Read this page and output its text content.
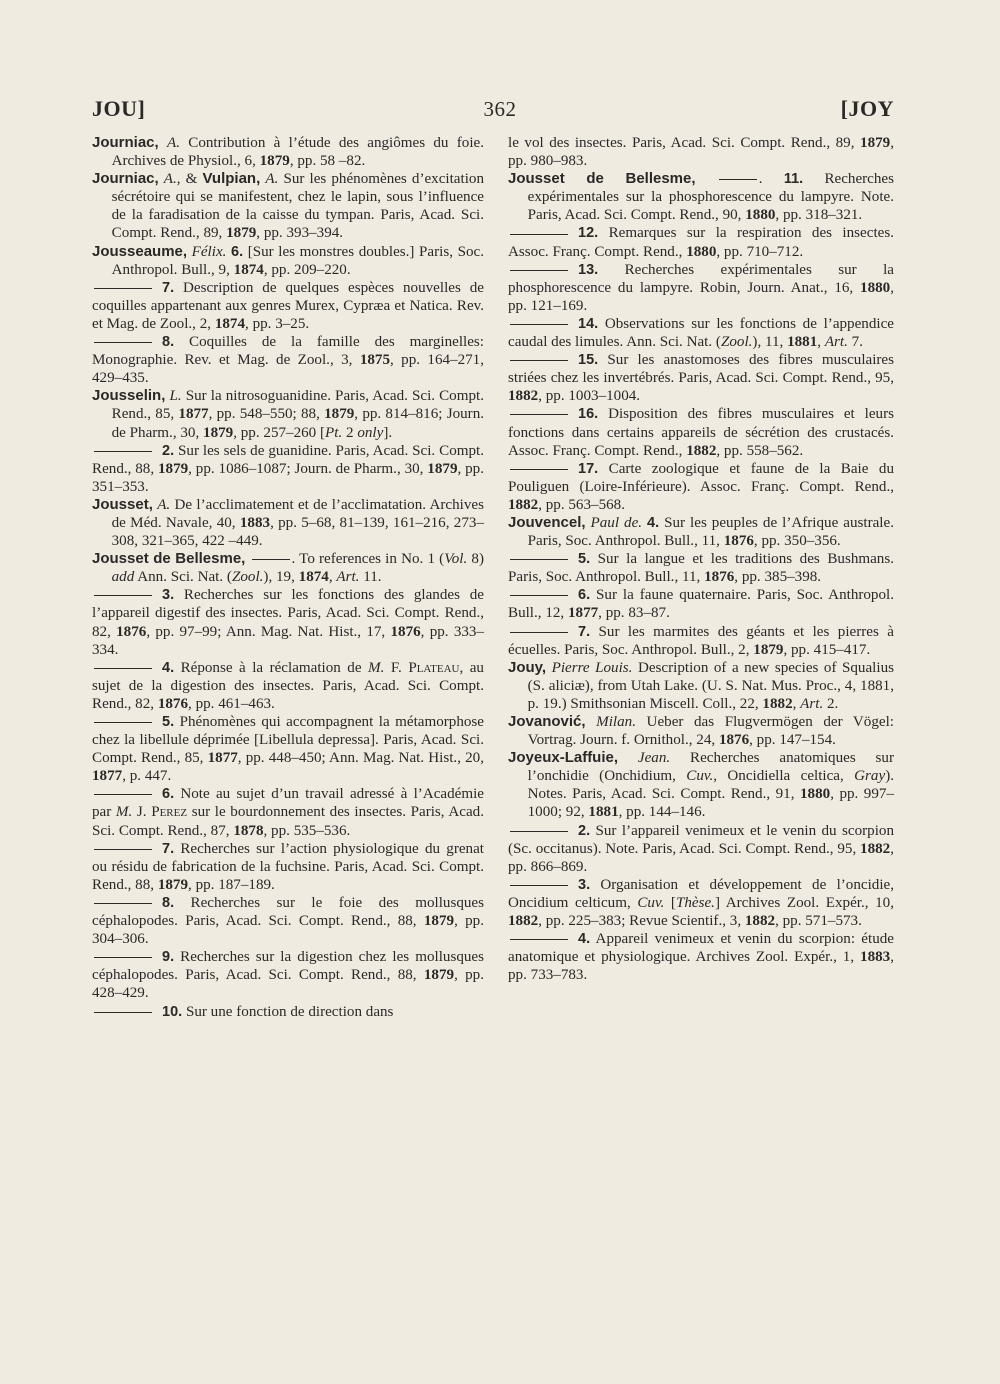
JOU]	362	[JOY

Journiac, A. Contribution à l’étude des angiômes du foie. Archives de Physiol., 6, 1879, pp. 58 –82.

Journiac, A., & Vulpian, A. Sur les phénomènes d’excitation sécrétoire qui se manifestent, chez le lapin, sous l’influence de la faradisation de la caisse du tympan. Paris, Acad. Sci. Compt. Rend., 89, 1879, pp. 393–394.

Jousseaume, Félix. 6. [Sur les monstres doubles.] Paris, Soc. Anthropol. Bull., 9, 1874, pp. 209–220.

7. Description de quelques espèces nouvelles de coquilles appartenant aux genres Murex, Cypræa et Natica. Rev. et Mag. de Zool., 2, 1874, pp. 3–25.

8. Coquilles de la famille des marginelles: Monographie. Rev. et Mag. de Zool., 3, 1875, pp. 164–271, 429–435.

Jousselin, L. Sur la nitrosoguanidine. Paris, Acad. Sci. Compt. Rend., 85, 1877, pp. 548–550; 88, 1879, pp. 814–816; Journ. de Pharm., 30, 1879, pp. 257–260 [Pt. 2 only].

2. Sur les sels de guanidine. Paris, Acad. Sci. Compt. Rend., 88, 1879, pp. 1086–1087; Journ. de Pharm., 30, 1879, pp. 351–353.

Jousset, A. De l’acclimatement et de l’acclimatation. Archives de Méd. Navale, 40, 1883, pp. 5–68, 81–139, 161–216, 273–308, 321–365, 422 –449.

Jousset de Bellesme,	. To references in No. 1 (Vol. 8) add Ann. Sci. Nat. (Zool.), 19, 1874, Art. 11.

3. Recherches sur les fonctions des glandes de l’appareil digestif des insectes. Paris, Acad. Sci. Compt. Rend., 82, 1876, pp. 97–99; Ann. Mag. Nat. Hist., 17, 1876, pp. 333–334.

4. Réponse à la réclamation de M. F. Plateau, au sujet de la digestion des insectes. Paris, Acad. Sci. Compt. Rend., 82, 1876, pp. 461–463.

5. Phénomènes qui accompagnent la métamorphose chez la libellule déprimée [Libellula depressa]. Paris, Acad. Sci. Compt. Rend., 85, 1877, pp. 448–450; Ann. Mag. Nat. Hist., 20, 1877, p. 447.

6. Note au sujet d’un travail adressé à l’Académie par M. J. Perez sur le bourdonnement des insectes. Paris, Acad. Sci. Compt. Rend., 87, 1878, pp. 535–536.

7. Recherches sur l’action physiologique du grenat ou résidu de fabrication de la fuchsine. Paris, Acad. Sci. Compt. Rend., 88, 1879, pp. 187–189.

8. Recherches sur le foie des mollusques céphalopodes. Paris, Acad. Sci. Compt. Rend., 88, 1879, pp. 304–306.

9. Recherches sur la digestion chez les mollusques céphalopodes. Paris, Acad. Sci. Compt. Rend., 88, 1879, pp. 428–429.

10. Sur une fonction de direction dans

le vol des insectes. Paris, Acad. Sci. Compt. Rend., 89, 1879, pp. 980–983.

Jousset de Bellesme,	. 11. Recherches expérimentales sur la phosphorescence du lampyre. Note. Paris, Acad. Sci. Compt. Rend., 90, 1880, pp. 318–321.

12. Remarques sur la respiration des insectes. Assoc. Franç. Compt. Rend., 1880, pp. 710–712.

13. Recherches expérimentales sur la phosphorescence du lampyre. Robin, Journ. Anat., 16, 1880, pp. 121–169.

14. Observations sur les fonctions de l’appendice caudal des limules. Ann. Sci. Nat. (Zool.), 11, 1881, Art. 7.

15. Sur les anastomoses des fibres musculaires striées chez les invertébrés. Paris, Acad. Sci. Compt. Rend., 95, 1882, pp. 1003–1004.

16. Disposition des fibres musculaires et leurs fonctions dans certains appareils de sécrétion des crustacés. Assoc. Franç. Compt. Rend., 1882, pp. 558–562.

17. Carte zoologique et faune de la Baie du Pouliguen (Loire-Inférieure). Assoc. Franç. Compt. Rend., 1882, pp. 563–568.

Jouvencel, Paul de. 4. Sur les peuples de l’Afrique australe. Paris, Soc. Anthropol. Bull., 11, 1876, pp. 350–356.

5. Sur la langue et les traditions des Bushmans. Paris, Soc. Anthropol. Bull., 11, 1876, pp. 385–398.

6. Sur la faune quaternaire. Paris, Soc. Anthropol. Bull., 12, 1877, pp. 83–87.

7. Sur les marmites des géants et les pierres à écuelles. Paris, Soc. Anthropol. Bull., 2, 1879, pp. 415–417.

Jouy, Pierre Louis. Description of a new species of Squalius (S. aliciæ), from Utah Lake. (U. S. Nat. Mus. Proc., 4, 1881, p. 19.) Smithsonian Miscell. Coll., 22, 1882, Art. 2.

Jovanović, Milan. Ueber das Flugvermögen der Vögel: Vortrag. Journ. f. Ornithol., 24, 1876, pp. 147–154.

Joyeux-Laffuie, Jean. Recherches anatomiques sur l’onchidie (Onchidium, Cuv., Oncidiella celtica, Gray). Notes. Paris, Acad. Sci. Compt. Rend., 91, 1880, pp. 997–1000; 92, 1881, pp. 144–146.

2. Sur l’appareil venimeux et le venin du scorpion (Sc. occitanus). Note. Paris, Acad. Sci. Compt. Rend., 95, 1882, pp. 866–869.

3. Organisation et développement de l’oncidie, Oncidium celticum, Cuv. [Thèse.] Archives Zool. Expér., 10, 1882, pp. 225–383; Revue Scientif., 3, 1882, pp. 571–573.

4. Appareil venimeux et venin du scorpion: étude anatomique et physiologique. Archives Zool. Expér., 1, 1883, pp. 733–783.
